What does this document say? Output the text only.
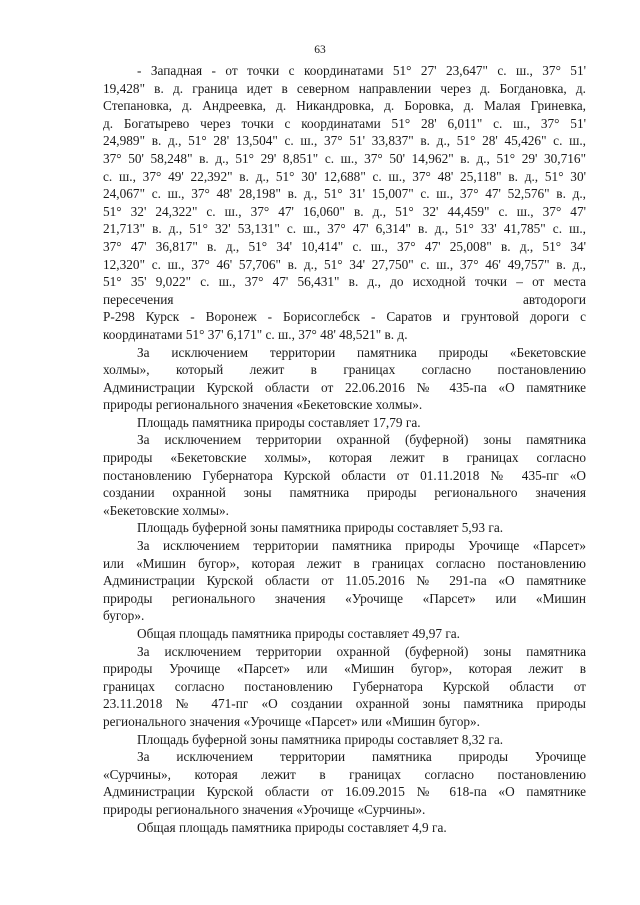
63
- Западная - от точки с координатами 51° 27' 23,647" с. ш., 37° 51'
19,428" в. д. граница идет в северном направлении через д. Богдановка, д.
Степановка, д. Андреевка, д. Никандровка, д. Боровка, д. Малая Гриневка,
д. Богатырево через точки с координатами 51° 28' 6,011" с. ш., 37° 51'
24,989" в. д., 51° 28' 13,504" с. ш., 37° 51' 33,837" в. д., 51° 28' 45,426" с. ш.,
37° 50' 58,248" в. д., 51° 29' 8,851" с. ш., 37° 50' 14,962" в. д., 51° 29' 30,716"
с. ш., 37° 49' 22,392" в. д., 51° 30' 12,688" с. ш., 37° 48' 25,118" в. д., 51° 30'
24,067" с. ш., 37° 48' 28,198" в. д., 51° 31' 15,007" с. ш., 37° 47' 52,576" в. д.,
51° 32' 24,322" с. ш., 37° 47' 16,060" в. д., 51° 32' 44,459" с. ш., 37° 47'
21,713" в. д., 51° 32' 53,131" с. ш., 37° 47' 6,314" в. д., 51° 33' 41,785" с. ш.,
37° 47' 36,817" в. д., 51° 34' 10,414" с. ш., 37° 47' 25,008" в. д., 51° 34'
12,320" с. ш., 37° 46' 57,706" в. д., 51° 34' 27,750" с. ш., 37° 46' 49,757" в. д.,
51° 35' 9,022" с. ш., 37° 47' 56,431" в. д., до исходной точки – от места
пересечения	автодороги
Р-298 Курск - Воронеж - Борисоглебск - Саратов и грунтовой дороги с
координатами 51° 37' 6,171" с. ш., 37° 48' 48,521" в. д.
За исключением территории памятника природы «Бекетовские
холмы», который лежит в границах согласно постановлению
Администрации Курской области от 22.06.2016 № 435-па «О памятнике
природы регионального значения «Бекетовские холмы».
Площадь памятника природы составляет 17,79 га.
За исключением территории охранной (буферной) зоны памятника
природы «Бекетовские холмы», которая лежит в границах согласно
постановлению Губернатора Курской области от 01.11.2018 № 435-пг «О
создании охранной зоны памятника природы регионального значения
«Бекетовские холмы».
Площадь буферной зоны памятника природы составляет 5,93 га.
За исключением территории памятника природы Урочище «Парсет»
или «Мишин бугор», которая лежит в границах согласно постановлению
Администрации Курской области от 11.05.2016 № 291-па «О памятнике
природы регионального значения «Урочище «Парсет» или «Мишин
бугор».
Общая площадь памятника природы составляет 49,97 га.
За исключением территории охранной (буферной) зоны памятника
природы Урочище «Парсет» или «Мишин бугор», которая лежит в
границах согласно постановлению Губернатора Курской области от
23.11.2018 № 471-пг «О создании охранной зоны памятника природы
регионального значения «Урочище «Парсет» или «Мишин бугор».
Площадь буферной зоны памятника природы составляет 8,32 га.
За исключением территории памятника природы Урочище
«Сурчины», которая лежит в границах согласно постановлению
Администрации Курской области от 16.09.2015 № 618-па «О памятнике
природы регионального значения «Урочище «Сурчины».
Общая площадь памятника природы составляет 4,9 га.
